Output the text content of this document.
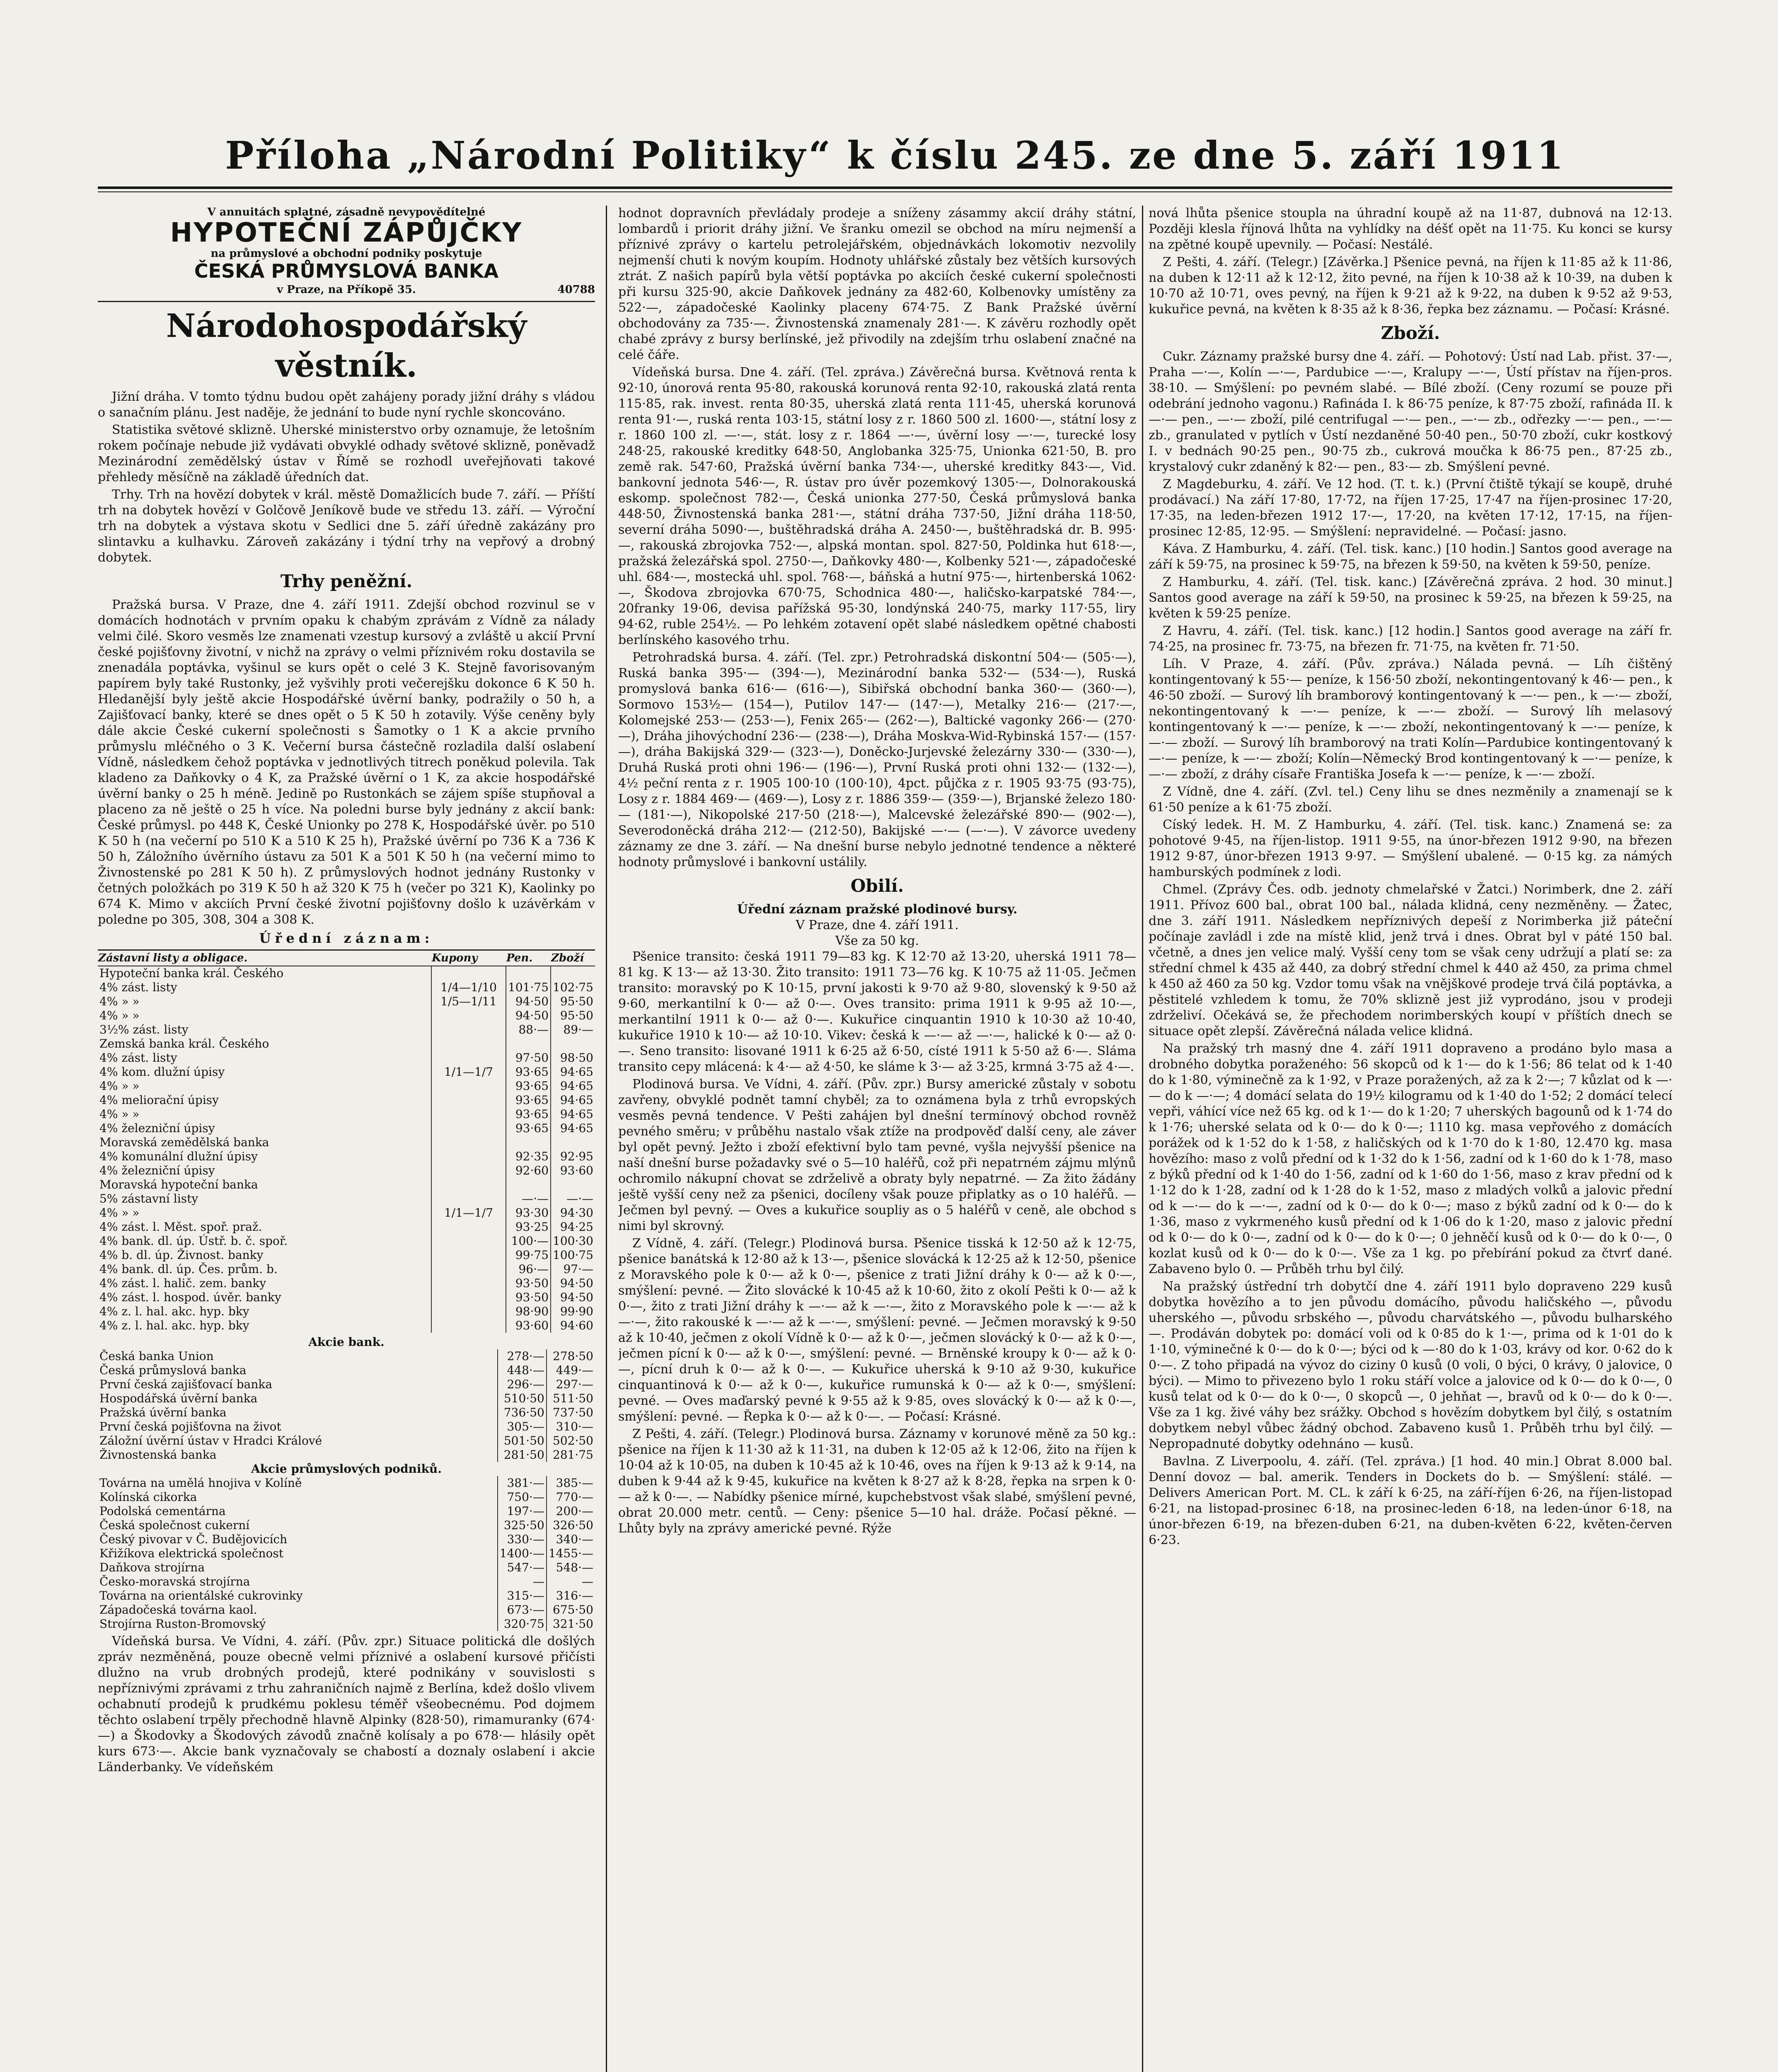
Příloha „Národní Politiky“ k číslu 245. ze dne 5. září 1911
V annuitách splatné, zásadně nevypovědítelné
HYPOTEČNÍ ZÁPŮJČKY
na průmyslové a obchodní podniky poskytuje
ČESKÁ PRŮMYSLOVÁ BANKA
v Praze, na Příkopě 35.	40788
Národohospodářský věstník.

Jižní dráha. V tomto týdnu budou opět zahájeny porady jižní dráhy s vládou o sanačním plánu. Jest naděje, že jednání to bude nyní rychle skoncováno.

Statistika světové sklizně. Uherské ministerstvo orby oznamuje, že letošním rokem počínaje nebude již vydávati obvyklé odhady světové sklizně, poněvadž Mezinárodní zemědělský ústav v Římě se rozhodl uveřejňovati takové přehledy měsíčně na základě úředních dat.

Trhy. Trh na hovězí dobytek v král. městě Domažlicích bude 7. září. — Příští trh na dobytek hovězí v Golčově Jeníkově bude ve středu 13. září. — Výroční trh na dobytek a výstava skotu v Sedlici dne 5. září úředně zakázány pro slintavku a kulhavku. Zároveň zakázány i týdní trhy na vepřový a drobný dobytek.

Trhy peněžní.

Pražská bursa. V Praze, dne 4. září 1911. Zdejší obchod rozvinul se v domácích hodnotách v prvním opaku k chabým zprávám z Vídně za nálady velmi čilé. Skoro vesměs lze znamenati vzestup kursový a zvláště u akcií První české pojišťovny životní, v nichž na zprávy o velmi příznivém roku dostavila se znenadála poptávka, vyšinul se kurs opět o celé 3 K. Stejně favorisovaným papírem byly také Rustonky, jež vyšvihly proti večerejšku dokonce 6 K 50 h. Hledanější byly ještě akcie Hospodářské úvěrní banky, podražily o 50 h, a Zajišťovací banky, které se dnes opět o 5 K 50 h zotavily. Výše ceněny byly dále akcie České cukerní společnosti s Šamotky o 1 K a akcie prvního průmyslu mléčného o 3 K. Večerní bursa částečně rozladila další oslabení Vídně, následkem čehož poptávka v jednotlivých titrech poněkud polevila. Tak kladeno za Daňkovky o 4 K, za Pražské úvěrní o 1 K, za akcie hospodářské úvěrní banky o 25 h méně. Jedině po Rustonkách se zájem spíše stupňoval a placeno za ně ještě o 25 h více. Na poledni burse byly jednány z akcií bank: České průmysl. po 448 K, České Unionky po 278 K, Hospodářské úvěr. po 510 K 50 h (na večerní po 510 K a 510 K 25 h), Pražské úvěrní po 736 K a 736 K 50 h, Záložního úvěrního ústavu za 501 K a 501 K 50 h (na večerní mimo to Živnostenské po 281 K 50 h). Z průmyslových hodnot jednány Rustonky v četných položkách po 319 K 50 h až 320 K 75 h (večer po 321 K), Kaolinky po 674 K. Mimo v akciích První české životní pojišťovny došlo k uzávěrkám v poledne po 305, 308, 304 a 308 K.

Úřední záznam:
Zástavní listy a obligace.	Kupony	Pen.	Zboží
Hypoteční banka král. Českého			
4% zást. listy	1/4—1/10	101·75	102·75
4% » »	1/5—1/11	94·50	95·50
4% » »		94·50	95·50
3½% zást. listy		88·—	89·—
Zemská banka král. Českého			
4% zást. listy		97·50	98·50
4% kom. dlužní úpisy	1/1—1/7	93·65	94·65
4% » »		93·65	94·65
4% meliorační úpisy		93·65	94·65
4% » »		93·65	94·65
4% železniční úpisy		93·65	94·65
Moravská zemědělská banka			
4% komunální dlužní úpisy		92·35	92·95
4% železniční úpisy		92·60	93·60
Moravská hypoteční banka			
5% zástavní listy		—·—	—·—
4% » »	1/1—1/7	93·30	94·30
4% zást. l. Měst. spoř. praž.		93·25	94·25
4% bank. dl. úp. Ústř. b. č. spoř.		100·—	100·30
4% b. dl. úp. Živnost. banky		99·75	100·75
4% bank. dl. úp. Čes. prům. b.		96·—	97·—
4% zást. l. halič. zem. banky		93·50	94·50
4% zást. l. hospod. úvěr. banky		93·50	94·50
4% z. l. hal. akc. hyp. bky		98·90	99·90
4% z. l. hal. akc. hyp. bky		93·60	94·60
Akcie bank.		
Česká banka Union	278·—	278·50
Česká průmyslová banka	448·—	449·—
První česká zajišťovací banka	296·—	297·—
Hospodářská úvěrní banka	510·50	511·50
Pražská úvěrní banka	736·50	737·50
První česká pojišťovna na život	305·—	310·—
Záložní úvěrní ústav v Hradci Králové	501·50	502·50
Živnostenská banka	281·50	281·75
Akcie průmyslových podniků.		
Továrna na umělá hnojiva v Kolíně	381·—	385·—
Kolínská cikorka	750·—	770·—
Podolská cementárna	197·—	200·—
Česká společnost cukerní	325·50	326·50
Český pivovar v Č. Budějovicích	330·—	340·—
Křižíkova elektrická společnost	1400·—	1455·—
Daňkova strojírna	547·—	548·—
Česko-moravská strojírna	—	—
Továrna na orientálské cukrovinky	315·—	316·—
Západočeská továrna kaol.	673·—	675·50
Strojírna Ruston-Bromovský	320·75	321·50

Vídeňská bursa. Ve Vídni, 4. září. (Pův. zpr.) Situace politická dle došlých zpráv nezměněná, pouze obecně velmi příznivé a oslabení kursové přičísti dlužno na vrub drobných prodejů, které podnikány v souvislosti s nepříznivými zprávami z trhu zahraničních najmě z Berlína, kdež došlo vlivem ochabnutí prodejů k prudkému poklesu téměř všeobecnému. Pod dojmem těchto oslabení trpěly přechodně hlavně Alpinky (828·50), rimamuranky (674·—) a Škodovky a Škodových závodů značně kolísaly a po 678·— hlásily opět kurs 673·—. Akcie bank vyznačovaly se chabostí a doznaly oslabení i akcie Länderbanky. Ve vídeňském

hodnot dopravních převládaly prodeje a sníženy zásammy akcií dráhy státní, lombardů i priorit dráhy jižní. Ve šranku omezil se obchod na míru nejmenší a příznivé zprávy o kartelu petrolejářském, objednávkách lokomotiv nezvolily nejmenší chuti k novým koupím. Hodnoty uhlářské zůstaly bez větších kursových ztrát. Z našich papírů byla větší poptávka po akciích české cukerní společnosti při kursu 325·90, akcie Daňkovek jednány za 482·60, Kolbenovky umístěny za 522·—, západočeské Kaolinky placeny 674·75. Z Bank Pražské úvěrní obchodovány za 735·—. Živnostenská znamenaly 281·—. K závěru rozhodly opět chabé zprávy z bursy berlínské, jež přivodily na zdejším trhu oslabení značné na celé čáře.

Vídeňská bursa. Dne 4. září. (Tel. zpráva.) Závěrečná bursa. Květnová renta k 92·10, únorová renta 95·80, rakouská korunová renta 92·10, rakouská zlatá renta 115·85, rak. invest. renta 80·35, uherská zlatá renta 111·45, uherská korunová renta 91·—, ruská renta 103·15, státní losy z r. 1860 500 zl. 1600·—, státní losy z r. 1860 100 zl. —·—, stát. losy z r. 1864 —·—, úvěrní losy —·—, turecké losy 248·25, rakouské kreditky 648·50, Anglobanka 325·75, Unionka 621·50, B. pro země rak. 547·60, Pražská úvěrní banka 734·—, uherské kreditky 843·—, Vid. bankovní jednota 546·—, R. ústav pro úvěr pozemkový 1305·—, Dolnorakouská eskomp. společnost 782·—, Česká unionka 277·50, Česká průmyslová banka 448·50, Živnostenská banka 281·—, státní dráha 737·50, Jižní dráha 118·50, severní dráha 5090·—, buštěhradská dráha A. 2450·—, buštěhradská dr. B. 995·—, rakouská zbrojovka 752·—, alpská montan. spol. 827·50, Poldinka hut 618·—, pražská železářská spol. 2750·—, Daňkovky 480·—, Kolbenky 521·—, západočeské uhl. 684·—, mostecká uhl. spol. 768·—, báňská a hutní 975·—, hirtenberská 1062·—, Škodova zbrojovka 670·75, Schodnica 480·—, haličsko-karpatské 784·—, 20franky 19·06, devisa pařížská 95·30, londýnská 240·75, marky 117·55, liry 94·62, ruble 254½. — Po lehkém zotavení opět slabé následkem opětné chabosti berlínského kasového trhu.

Petrohradská bursa. 4. září. (Tel. zpr.) Petrohradská diskontní 504·— (505·—), Ruská banka 395·— (394·—), Mezinárodní banka 532·— (534·—), Ruská promyslová banka 616·— (616·—), Sibiřská obchodní banka 360·— (360·—), Sormovo 153½— (154—), Putilov 147·— (147·—), Metalky 216·— (217·—, Kolomejské 253·— (253·—), Fenix 265·— (262·—), Baltické vagonky 266·— (270·—), Dráha jihovýchodní 236·— (238·—), Dráha Moskva-Wid-Rybinská 157·— (157·—), dráha Bakijská 329·— (323·—), Doněcko-Jurjevské železárny 330·— (330·—), Druhá Ruská proti ohni 196·— (196·—), První Ruská proti ohni 132·— (132·—), 4½ peční renta z r. 1905 100·10 (100·10), 4pct. půjčka z r. 1905 93·75 (93·75), Losy z r. 1884 469·— (469·—), Losy z r. 1886 359·— (359·—), Brjanské železo 180·— (181·—), Nikopolské 217·50 (218·—), Malcevské železářské 890·— (902·—), Severodoněcká dráha 212·— (212·50), Bakijské —·— (—·—). V závorce uvedeny záznamy ze dne 3. září. — Na dnešní burse nebylo jednotné tendence a některé hodnoty průmyslové i bankovní ustálily.

Obilí.
Úřední záznam pražské plodinové bursy.
V Praze, dne 4. září 1911.
Vše za 50 kg.

Pšenice transito: česká 1911 79—83 kg. K 12·70 až 13·20, uherská 1911 78—81 kg. K 13·— až 13·30. Žito transito: 1911 73—76 kg. K 10·75 až 11·05. Ječmen transito: moravský po K 10·15, první jakosti k 9·70 až 9·80, slovenský k 9·50 až 9·60, merkantilní k 0·— až 0·—. Oves transito: prima 1911 k 9·95 až 10·—, merkantilní 1911 k 0·— až 0·—. Kukuřice cinquantin 1910 k 10·30 až 10·40, kukuřice 1910 k 10·— až 10·10. Vikev: česká k —·— až —·—, halické k 0·— až 0·—. Seno transito: lisované 1911 k 6·25 až 6·50, císté 1911 k 5·50 až 6·—. Sláma transito cepy mlácená: k 4·— až 4·50, ke sláme k 3·— až 3·25, krmná 3·75 až 4·—.

Plodinová bursa. Ve Vídni, 4. září. (Pův. zpr.) Bursy americké zůstaly v sobotu zavřeny, obvyklé podnět tamní chyběl; za to oznámena byla z trhů evropských vesměs pevná tendence. V Pešti zahájen byl dnešní termínový obchod rovněž pevného směru; v průběhu nastalo však ztíže na prodpověď další ceny, ale záver byl opět pevný. Ježto i zboží efektivní bylo tam pevné, vyšla nejvyšší pšenice na naší dnešní burse požadavky své o 5—10 haléřů, což při nepatrném zájmu mlýnů ochromilo nákupní chovat se zdrželivě a obraty byly nepatrné. — Za žito žádány ještě vyšší ceny než za pšenici, docíleny však pouze připlatky as o 10 haléřů. — Ječmen byl pevný. — Oves a kukuřice soupliy as o 5 haléřů v ceně, ale obchod s nimi byl skrovný.

Z Vídně, 4. září. (Telegr.) Plodinová bursa. Pšenice tisská k 12·50 až k 12·75, pšenice banátská k 12·80 až k 13·—, pšenice slovácká k 12·25 až k 12·50, pšenice z Moravského pole k 0·— až k 0·—, pšenice z trati Jižní dráhy k 0·— až k 0·—, smýšlení: pevné. — Žito slovácké k 10·45 až k 10·60, žito z okolí Pešti k 0·— až k 0·—, žito z trati Jižní dráhy k —·— až k —·—, žito z Moravského pole k —·— až k —·—, žito rakouské k —·— až k —·—, smýšlení: pevné. — Ječmen moravský k 9·50 až k 10·40, ječmen z okolí Vídně k 0·— až k 0·—, ječmen slovácký k 0·— až k 0·—, ječmen pícní k 0·— až k 0·—, smýšlení: pevné. — Brněnské kroupy k 0·— až k 0·—, pícní druh k 0·— až k 0·—. — Kukuřice uherská k 9·10 až 9·30, kukuřice cinquantinová k 0·— až k 0·—, kukuřice rumunská k 0·— až k 0·—, smýšlení: pevné. — Oves maďarský pevné k 9·55 až k 9·85, oves slovácký k 0·— až k 0·—, smýšlení: pevné. — Řepka k 0·— až k 0·—. — Počasí: Krásné.

Z Pešti, 4. září. (Telegr.) Plodinová bursa. Záznamy v korunové měně za 50 kg.: pšenice na říjen k 11·30 až k 11·31, na duben k 12·05 až k 12·06, žito na říjen k 10·04 až k 10·05, na duben k 10·45 až k 10·46, oves na říjen k 9·13 až k 9·14, na duben k 9·44 až k 9·45, kukuřice na květen k 8·27 až k 8·28, řepka na srpen k 0·— až k 0·—. — Nabídky pšenice mírné, kupchebstvost však slabé, smýšlení pevné, obrat 20.000 metr. centů. — Ceny: pšenice 5—10 hal. dráže. Počasí pěkné. — Lhůty byly na zprávy americké pevné. Rýže

nová lhůta pšenice stoupla na úhradní koupě až na 11·87, dubnová na 12·13. Později klesla říjnová lhůta na vyhlídky na déšť opět na 11·75. Ku konci se kursy na zpětné koupě upevnily. — Počasí: Nestálé.

Z Pešti, 4. září. (Telegr.) [Závěrka.] Pšenice pevná, na říjen k 11·85 až k 11·86, na duben k 12·11 až k 12·12, žito pevné, na říjen k 10·38 až k 10·39, na duben k 10·70 až 10·71, oves pevný, na říjen k 9·21 až k 9·22, na duben k 9·52 až 9·53, kukuřice pevná, na květen k 8·35 až k 8·36, řepka bez záznamu. — Počasí: Krásné.

Zboží.

Cukr. Záznamy pražské bursy dne 4. září. — Pohotový: Ústí nad Lab. přist. 37·—, Praha —·—, Kolín —·—, Pardubice —·—, Kralupy —·—, Ústí přístav na říjen-pros. 38·10. — Smýšlení: po pevném slabé. — Bílé zboží. (Ceny rozumí se pouze při odebrání jednoho vagonu.) Rafináda I. k 86·75 peníze, k 87·75 zboží, rafináda II. k —·— pen., —·— zboží, pilé centrifugal —·— pen., —·— zb., odřezky —·— pen., —·— zb., granulated v pytlích v Ústí nezdaněné 50·40 pen., 50·70 zboží, cukr kostkový I. v bednách 90·25 pen., 90·75 zb., cukrová moučka k 86·75 pen., 87·25 zb., krystalový cukr zdaněný k 82·— pen., 83·— zb. Smýšlení pevné.

Z Magdeburku, 4. září. Ve 12 hod. (T. t. k.) (První čtiště týkají se koupě, druhé prodávací.) Na září 17·80, 17·72, na říjen 17·25, 17·47 na říjen-prosinec 17·20, 17·35, na leden-březen 1912 17·—, 17·20, na květen 17·12, 17·15, na říjen-prosinec 12·85, 12·95. — Smýšlení: nepravidelné. — Počasí: jasno.

Káva. Z Hamburku, 4. září. (Tel. tisk. kanc.) [10 hodin.] Santos good average na září k 59·75, na prosinec k 59·75, na březen k 59·50, na květen k 59·50, peníze.

Z Hamburku, 4. září. (Tel. tisk. kanc.) [Závěrečná zpráva. 2 hod. 30 minut.] Santos good average na září k 59·50, na prosinec k 59·25, na březen k 59·25, na květen k 59·25 peníze.

Z Havru, 4. září. (Tel. tisk. kanc.) [12 hodin.] Santos good average na září fr. 74·25, na prosinec fr. 73·75, na březen fr. 71·75, na květen fr. 71·50.

Líh. V Praze, 4. září. (Pův. zpráva.) Nálada pevná. — Líh čištěný kontingentovaný k 55·— peníze, k 156·50 zboží, nekontingentovaný k 46·— pen., k 46·50 zboží. — Surový líh bramborový kontingentovaný k —·— pen., k —·— zboží, nekontingentovaný k —·— peníze, k —·— zboží. — Surový líh melasový kontingentovaný k —·— peníze, k —·— zboží, nekontingentovaný k —·— peníze, k —·— zboží. — Surový líh bramborový na trati Kolín—Pardubice kontingentovaný k —·— peníze, k —·— zboží; Kolín—Německý Brod kontingentovaný k —·— peníze, k —·— zboží, z dráhy císaře Františka Josefa k —·— peníze, k —·— zboží.

Z Vídně, dne 4. září. (Zvl. tel.) Ceny lihu se dnes nezměnily a znamenají se k 61·50 peníze a k 61·75 zboží.

Císký ledek. H. M. Z Hamburku, 4. září. (Tel. tisk. kanc.) Znamená se: za pohotové 9·45, na říjen-listop. 1911 9·55, na únor-březen 1912 9·90, na březen 1912 9·87, únor-březen 1913 9·97. — Smýšlení ubalené. — 0·15 kg. za námých hamburských podmínek z lodi.

Chmel. (Zprávy Čes. odb. jednoty chmelařské v Žatci.) Norimberk, dne 2. září 1911. Přívoz 600 bal., obrat 100 bal., nálada klidná, ceny nezměněny. — Žatec, dne 3. září 1911. Následkem nepříznivých depeší z Norimberka již páteční počínaje zavládl i zde na místě klid, jenž trvá i dnes. Obrat byl v páté 150 bal. včetně, a dnes jen velice malý. Vyšší ceny tom se však ceny udržují a platí se: za střední chmel k 435 až 440, za dobrý střední chmel k 440 až 450, za prima chmel k 450 až 460 za 50 kg. Vzdor tomu však na vnějškové prodeje trvá čilá poptávka, a pěstitelé vzhledem k tomu, že 70% sklizně jest již vyprodáno, jsou v prodeji zdrželiví. Očekává se, že přechodem norimberských koupí v příštích dnech se situace opět zlepší. Závěrečná nálada velice klidná.

Na pražský trh masný dne 4. září 1911 dopraveno a prodáno bylo masa a drobného dobytka poraženého: 56 skopců od k 1·— do k 1·56; 86 telat od k 1·40 do k 1·80, výminečně za k 1·92, v Praze poražených, až za k 2·—; 7 kůzlat od k —·— do k —·—; 4 domácí selata do 19½ kilogramu od k 1·40 do 1·52; 2 domácí telecí vepři, váhící více než 65 kg. od k 1·— do k 1·20; 7 uherských bagounů od k 1·74 do k 1·76; uherské selata od k 0·— do k 0·—; 1110 kg. masa vepřového z domácích porážek od k 1·52 do k 1·58, z haličských od k 1·70 do k 1·80, 12.470 kg. masa hovězího: maso z volů přední od k 1·32 do k 1·56, zadní od k 1·60 do k 1·78, maso z býků přední od k 1·40 do 1·56, zadní od k 1·60 do 1·56, maso z krav přední od k 1·12 do k 1·28, zadní od k 1·28 do k 1·52, maso z mladých volků a jalovic přední od k —·— do k —·—, zadní od k 0·— do k 0·—; maso z býků zadní od k 0·— do k 1·36, maso z vykrmeného kusů přední od k 1·06 do k 1·20, maso z jalovic přední od k 0·— do k 0·—, zadní od k 0·— do k 0·—; 0 jehněčí kusů od k 0·— do k 0·—, 0 kozlat kusů od k 0·— do k 0·—. Vše za 1 kg. po přebírání pokud za čtvrť dané. Zabaveno bylo 0. — Průběh trhu byl čilý.

Na pražský ústřední trh dobytčí dne 4. září 1911 bylo dopraveno 229 kusů dobytka hovězího a to jen původu domácího, původu haličského —, původu uherského —, původu srbského —, původu charvátského —, původu bulharského —. Prodáván dobytek po: domácí voli od k 0·85 do k 1·—, prima od k 1·01 do k 1·10, výminečné k 0·— do k 0·—; býci od k —·80 do k 1·03, krávy od kor. 0·62 do k 0·—. Z toho připadá na vývoz do ciziny 0 kusů (0 voli, 0 býci, 0 krávy, 0 jalovice, 0 býci). — Mimo to přivezeno bylo 1 roku stáří volce a jalovice od k 0·— do k 0·—, 0 kusů telat od k 0·— do k 0·—, 0 skopců —, 0 jehňat —, bravů od k 0·— do k 0·—. Vše za 1 kg. živé váhy bez srážky. Obchod s hovězím dobytkem byl čilý, s ostatním dobytkem nebyl vůbec žádný obchod. Zabaveno kusů 1. Průběh trhu byl čilý. — Nepropadnuté dobytky odehnáno — kusů.

Bavlna. Z Liverpoolu, 4. září. (Tel. zpráva.) [1 hod. 40 min.] Obrat 8.000 bal. Denní dovoz — bal. amerik. Tenders in Dockets do b. — Smýšlení: stálé. — Delivers American Port. M. CL. k září k 6·25, na září-říjen 6·26, na říjen-listopad 6·21, na listopad-prosinec 6·18, na prosinec-leden 6·18, na leden-únor 6·18, na únor-březen 6·19, na březen-duben 6·21, na duben-květen 6·22, květen-červen 6·23.
